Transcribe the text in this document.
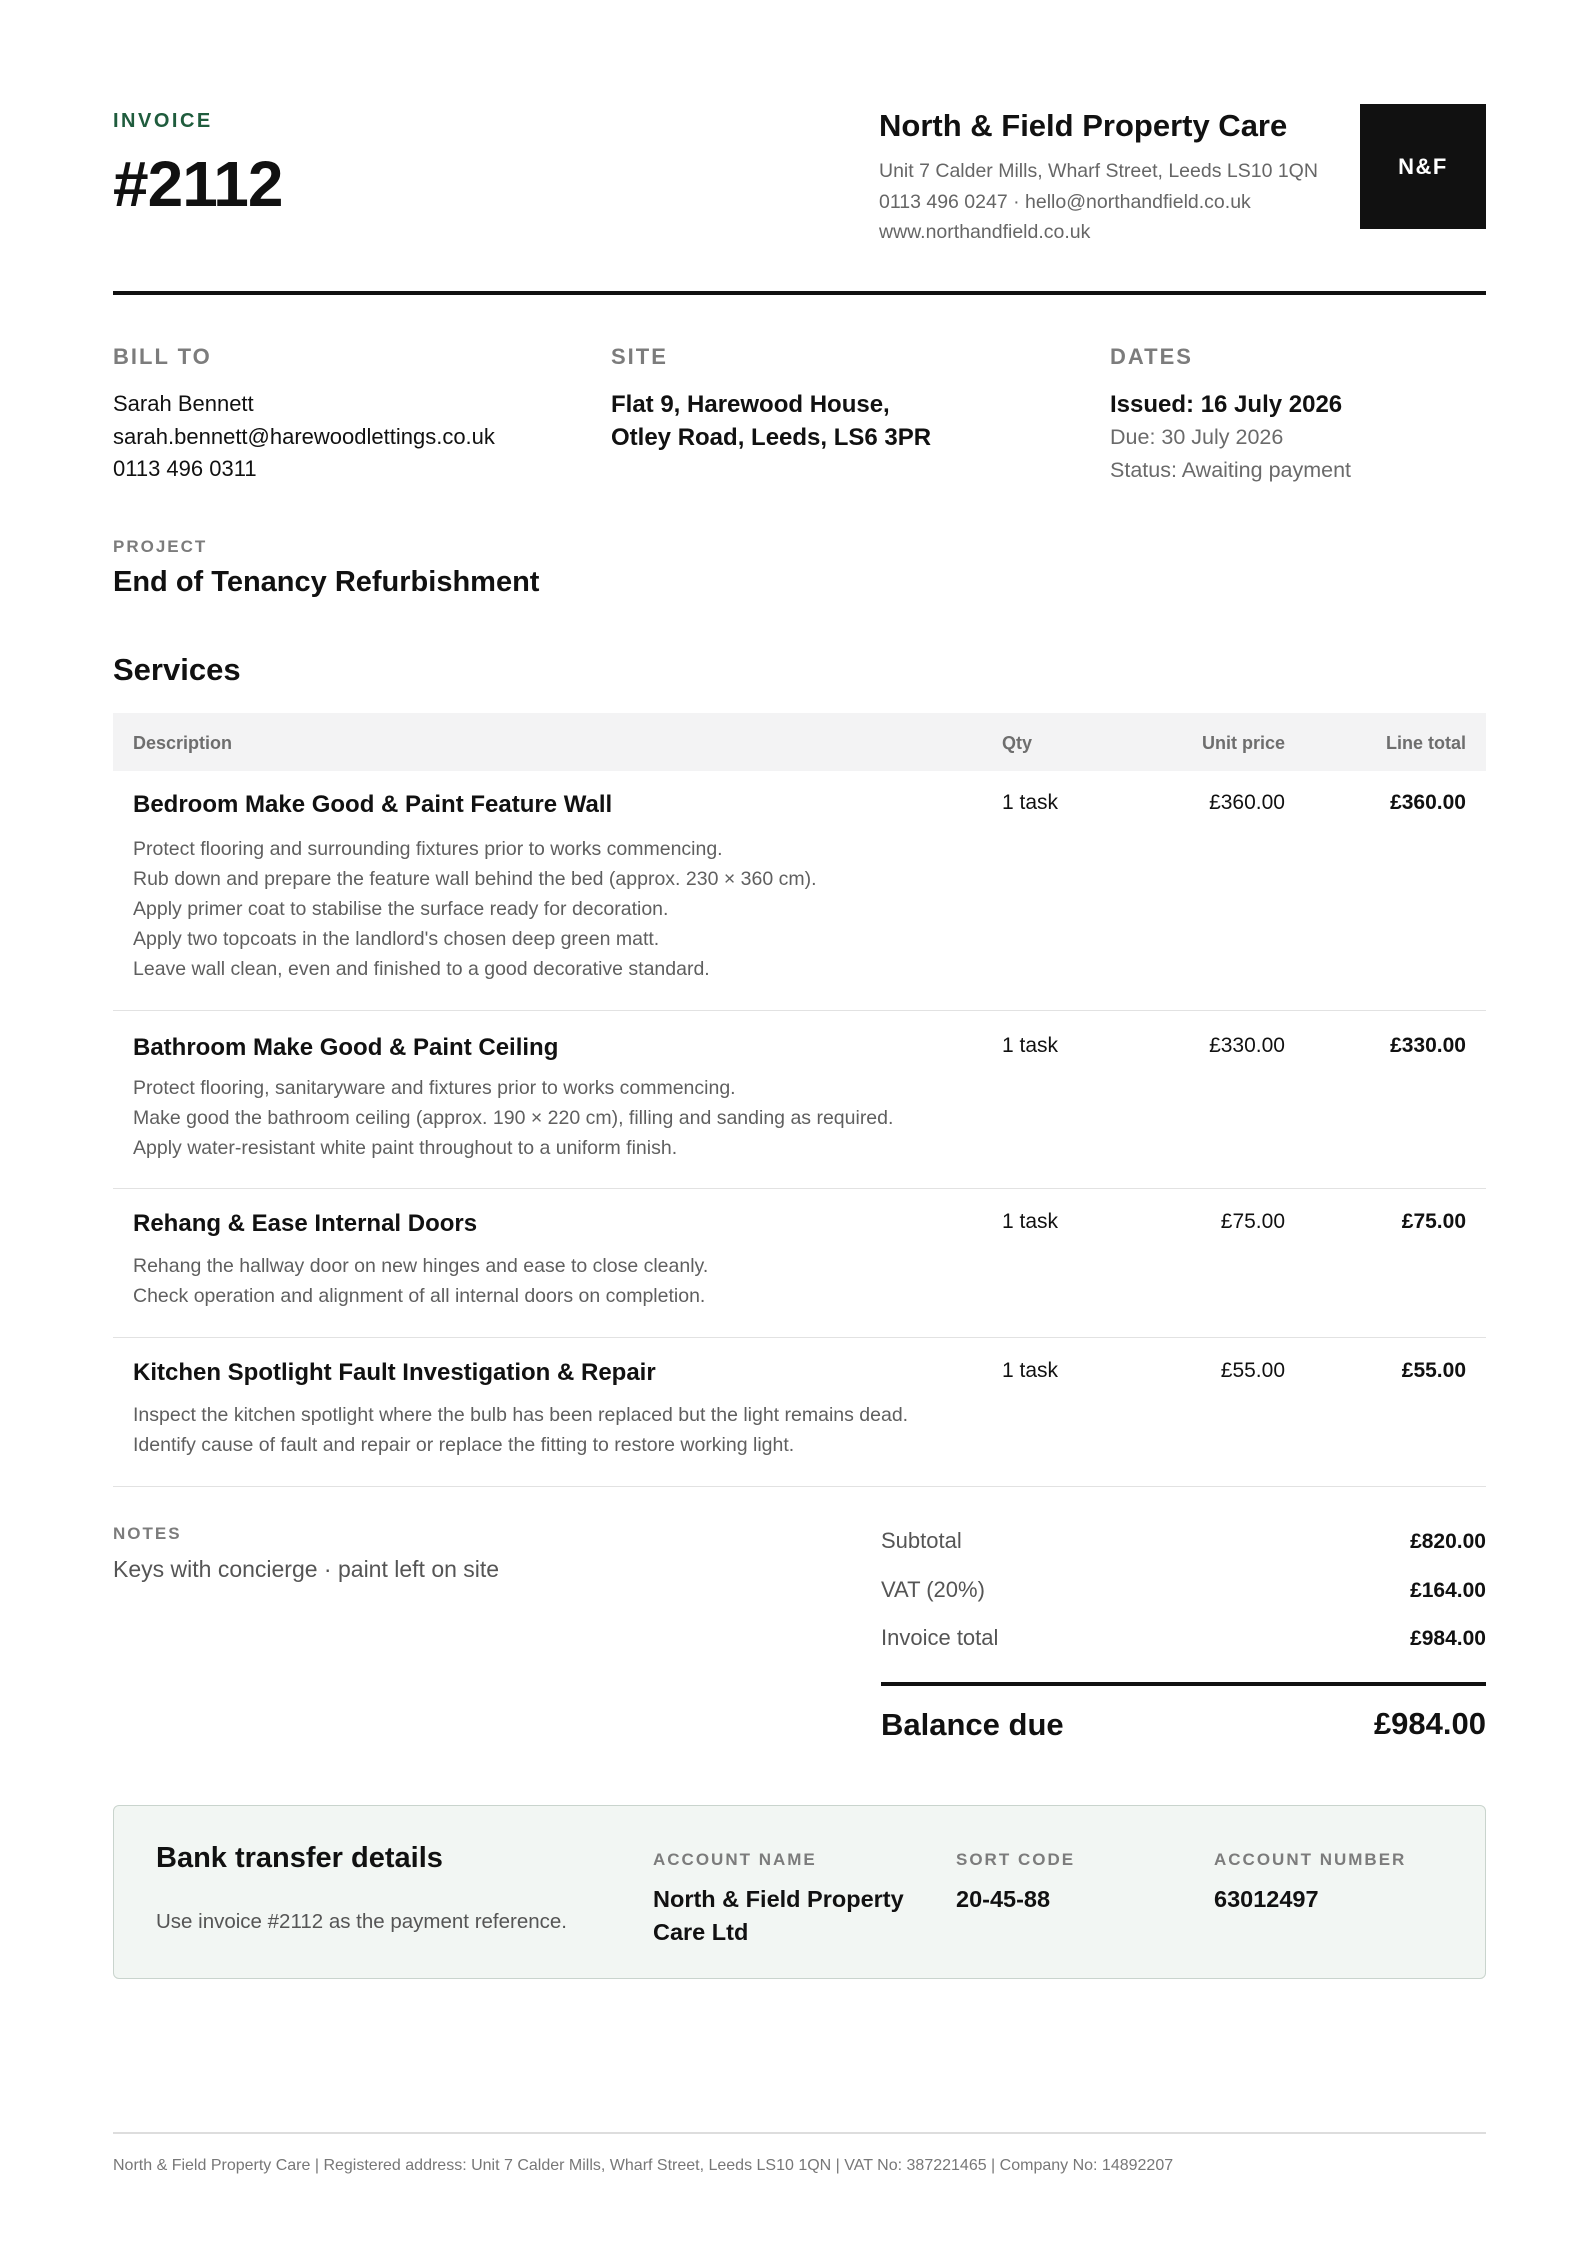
INVOICE
#2112
North & Field Property Care
Unit 7 Calder Mills, Wharf Street, Leeds LS10 1QN
0113 496 0247 · hello@northandfield.co.uk
www.northandfield.co.uk
N&F
BILL TO
Sarah Bennett
sarah.bennett@harewoodlettings.co.uk
0113 496 0311
SITE
Flat 9, Harewood House,
Otley Road, Leeds, LS6 3PR
DATES
Issued: 16 July 2026
Due: 30 July 2026
Status: Awaiting payment
PROJECT
End of Tenancy Refurbishment
Services
Description	Qty	Unit price	Line total
Bedroom Make Good & Paint Feature Wall
Protect flooring and surrounding fixtures prior to works commencing.
Rub down and prepare the feature wall behind the bed (approx. 230 × 360 cm).
Apply primer coat to stabilise the surface ready for decoration.
Apply two topcoats in the landlord's chosen deep green matt.
Leave wall clean, even and finished to a good decorative standard.
1 task	£360.00	£360.00
Bathroom Make Good & Paint Ceiling
Protect flooring, sanitaryware and fixtures prior to works commencing.
Make good the bathroom ceiling (approx. 190 × 220 cm), filling and sanding as required.
Apply water-resistant white paint throughout to a uniform finish.
1 task	£330.00	£330.00
Rehang & Ease Internal Doors
Rehang the hallway door on new hinges and ease to close cleanly.
Check operation and alignment of all internal doors on completion.
1 task	£75.00	£75.00
Kitchen Spotlight Fault Investigation & Repair
Inspect the kitchen spotlight where the bulb has been replaced but the light remains dead.
Identify cause of fault and repair or replace the fitting to restore working light.
1 task	£55.00	£55.00
NOTES
Keys with concierge · paint left on site
Subtotal	£820.00
VAT (20%)	£164.00
Invoice total	£984.00
Balance due	£984.00
Bank transfer details
Use invoice #2112 as the payment reference.
ACCOUNT NAME
North & Field Property
Care Ltd
SORT CODE
20-45-88
ACCOUNT NUMBER
63012497
North & Field Property Care | Registered address: Unit 7 Calder Mills, Wharf Street, Leeds LS10 1QN | VAT No: 387221465 | Company No: 14892207
